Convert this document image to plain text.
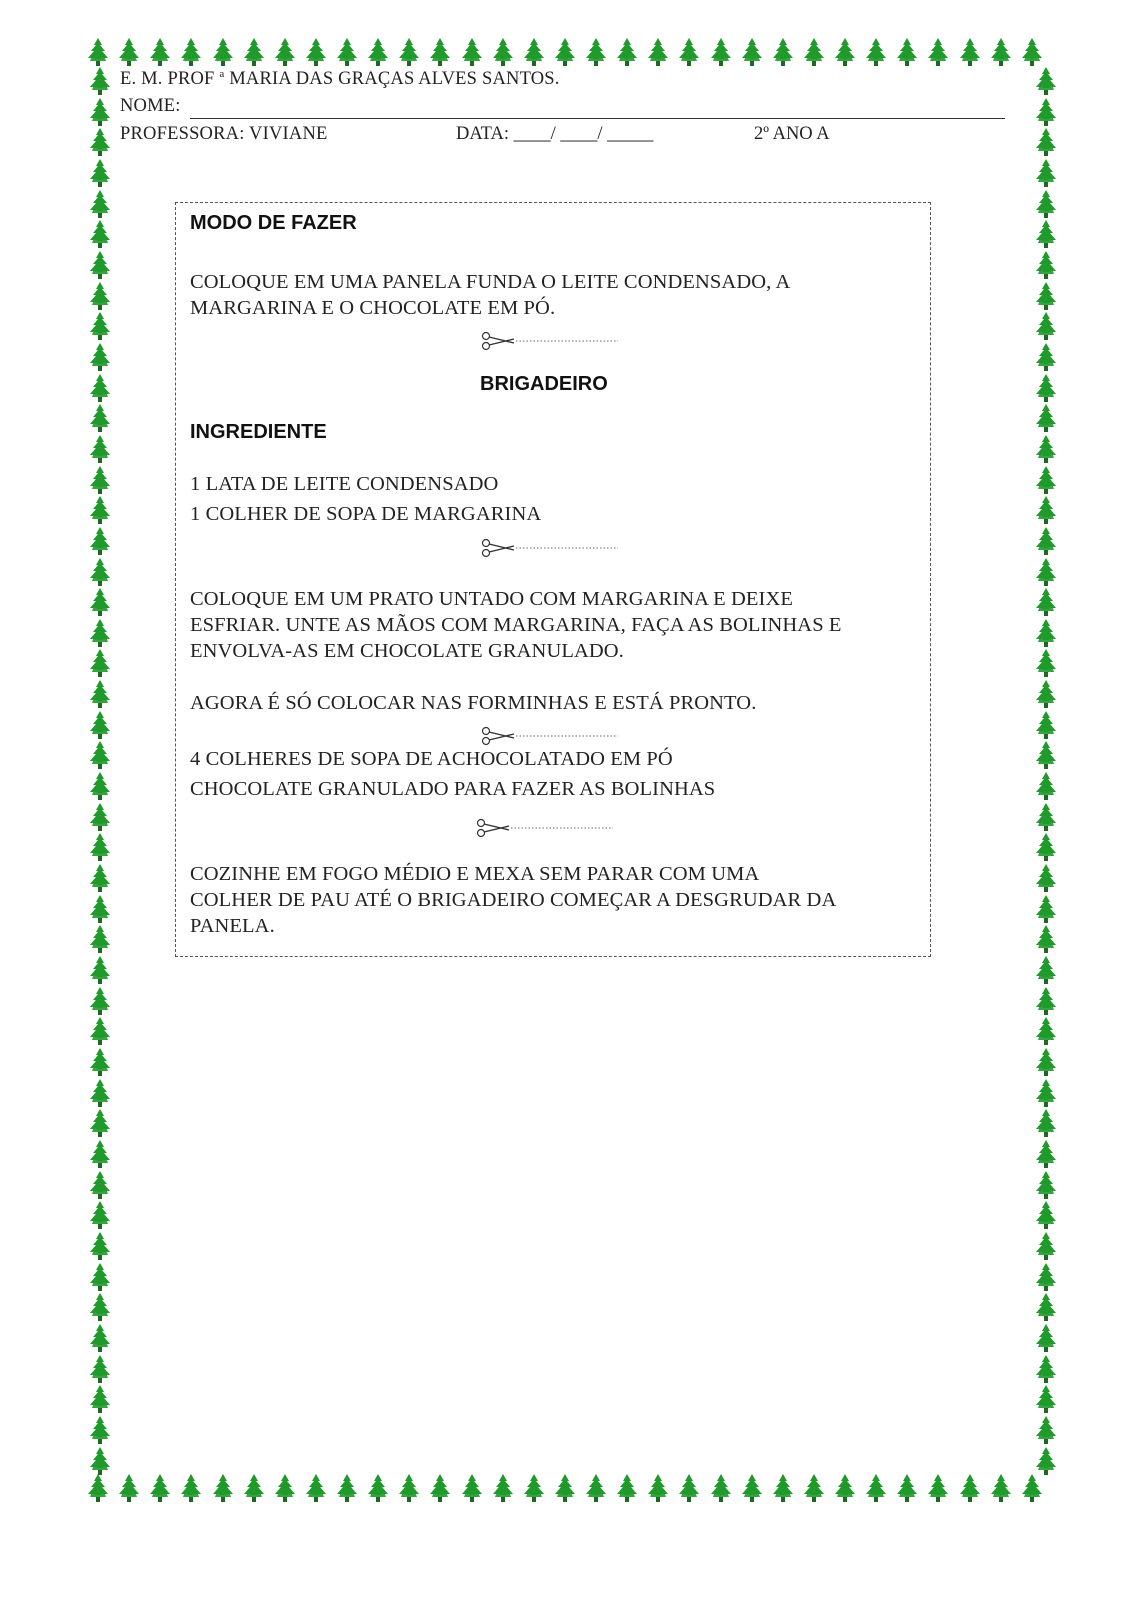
E. M. PROF $^a$ MARIA DAS GRAÇAS ALVES SANTOS.
NOME:
PROFESSORA: VIVIANE	DATA: ____/ ____/ _____	2º ANO A
MODO DE FAZER
COLOQUE EM UMA PANELA FUNDA O LEITE CONDENSADO, A
MARGARINA E O CHOCOLATE EM PÓ.
BRIGADEIRO
INGREDIENTE
1 LATA DE LEITE CONDENSADO
1 COLHER DE SOPA DE MARGARINA
COLOQUE EM UM PRATO UNTADO COM MARGARINA E DEIXE
ESFRIAR. UNTE AS MÃOS COM MARGARINA, FAÇA AS BOLINHAS E
ENVOLVA-AS EM CHOCOLATE GRANULADO.
AGORA É SÓ COLOCAR NAS FORMINHAS E ESTÁ PRONTO.
4 COLHERES DE SOPA DE ACHOCOLATADO EM PÓ
CHOCOLATE GRANULADO PARA FAZER AS BOLINHAS
COZINHE EM FOGO MÉDIO E MEXA SEM PARAR COM UMA
COLHER DE PAU ATÉ O BRIGADEIRO COMEÇAR A DESGRUDAR DA
PANELA.
